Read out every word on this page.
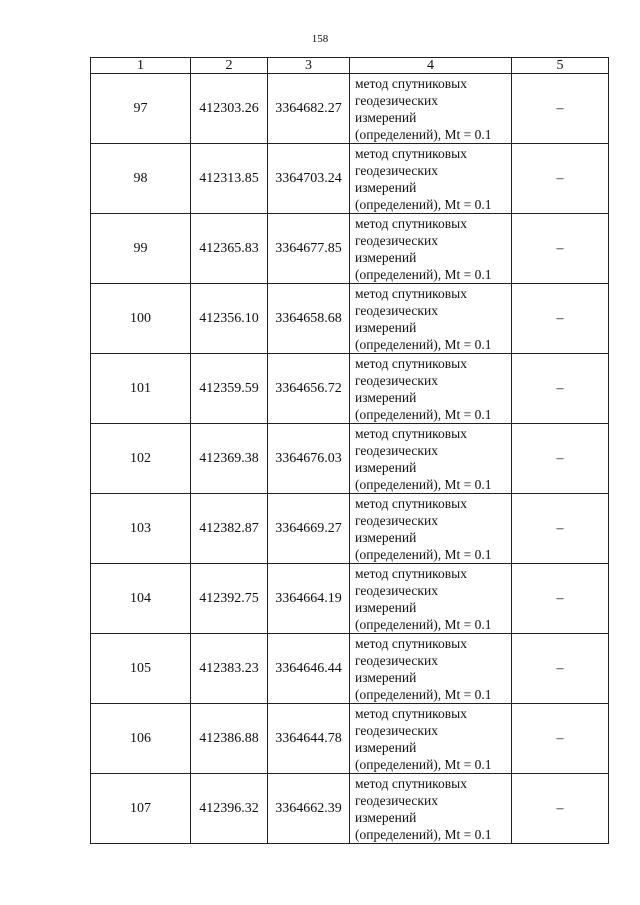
158
1	2	3	4	5
97	412303.26	3364682.27	метод спутниковых
геодезических
измерений
(определений), Mt = 0.1	–
98	412313.85	3364703.24	метод спутниковых
геодезических
измерений
(определений), Mt = 0.1	–
99	412365.83	3364677.85	метод спутниковых
геодезических
измерений
(определений), Mt = 0.1	–
100	412356.10	3364658.68	метод спутниковых
геодезических
измерений
(определений), Mt = 0.1	–
101	412359.59	3364656.72	метод спутниковых
геодезических
измерений
(определений), Mt = 0.1	–
102	412369.38	3364676.03	метод спутниковых
геодезических
измерений
(определений), Mt = 0.1	–
103	412382.87	3364669.27	метод спутниковых
геодезических
измерений
(определений), Mt = 0.1	–
104	412392.75	3364664.19	метод спутниковых
геодезических
измерений
(определений), Mt = 0.1	–
105	412383.23	3364646.44	метод спутниковых
геодезических
измерений
(определений), Mt = 0.1	–
106	412386.88	3364644.78	метод спутниковых
геодезических
измерений
(определений), Mt = 0.1	–
107	412396.32	3364662.39	метод спутниковых
геодезических
измерений
(определений), Mt = 0.1	–
